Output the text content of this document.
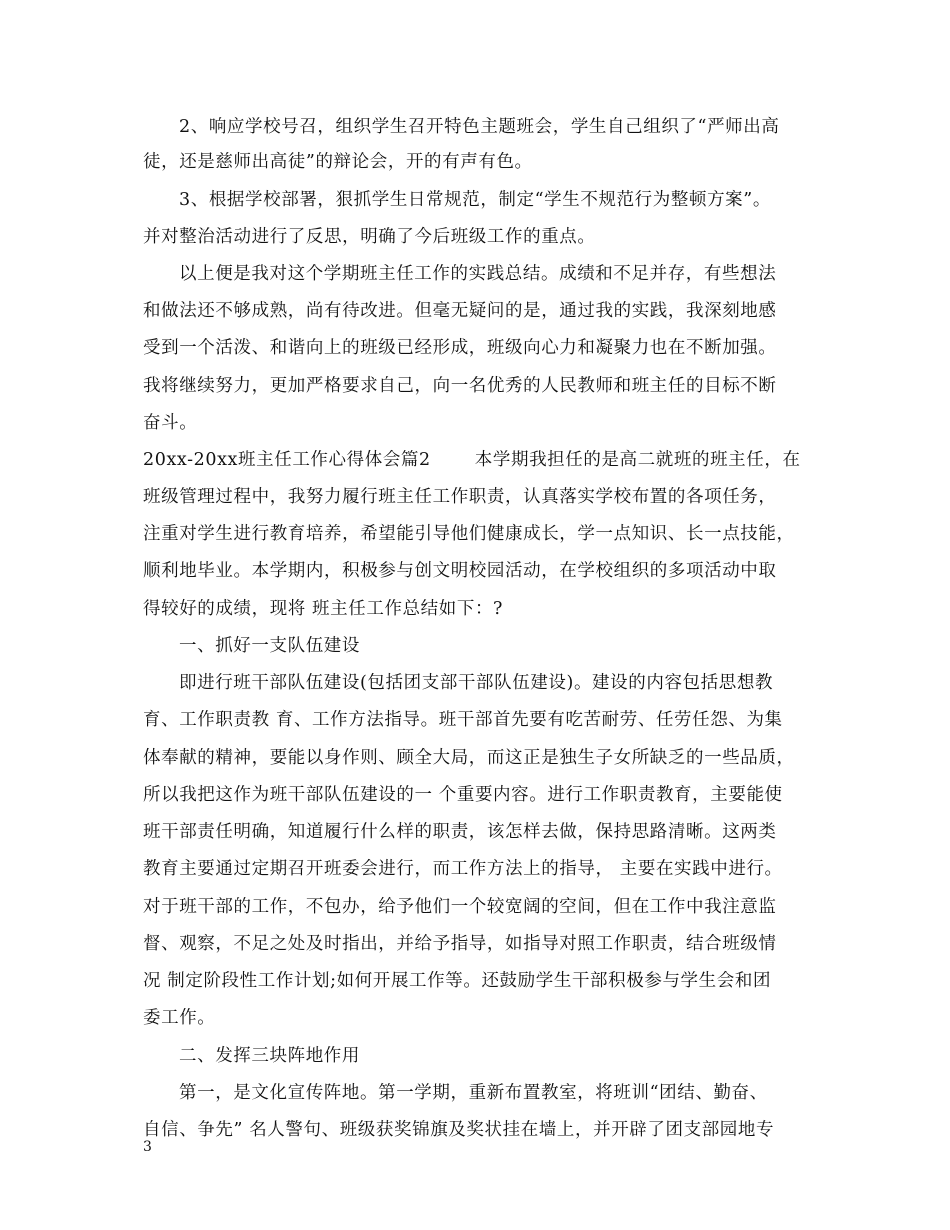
2、响应学校号召，组织学生召开特色主题班会，学生自己组织了“严师出高
徒，还是慈师出高徒”的辩论会，开的有声有色。
3、根据学校部署，狠抓学生日常规范，制定“学生不规范行为整顿方案”。
并对整治活动进行了反思，明确了今后班级工作的重点。
以上便是我对这个学期班主任工作的实践总结。成绩和不足并存，有些想法
和做法还不够成熟，尚有待改进。但毫无疑问的是，通过我的实践，我深刻地感
受到一个活泼、和谐向上的班级已经形成，班级向心力和凝聚力也在不断加强。
我将继续努力，更加严格要求自己，向一名优秀的人民教师和班主任的目标不断
奋斗。
20xx-20xx班主任工作心得体会篇2	本学期我担任的是高二就班的班主任，在
班级管理过程中，我努力履行班主任工作职责，认真落实学校布置的各项任务，
注重对学生进行教育培养，希望能引导他们健康成长，学一点知识、长一点技能，
顺利地毕业。本学期内，积极参与创文明校园活动，在学校组织的多项活动中取
得较好的成绩，现将 班主任工作总结如下：?
一、抓好一支队伍建设
即进行班干部队伍建设(包括团支部干部队伍建设)。建设的内容包括思想教
育、工作职责教 育、工作方法指导。班干部首先要有吃苦耐劳、任劳任怨、为集
体奉献的精神，要能以身作则、顾全大局，而这正是独生子女所缺乏的一些品质，
所以我把这作为班干部队伍建设的一 个重要内容。进行工作职责教育，主要能使
班干部责任明确，知道履行什么样的职责，该怎样去做，保持思路清晰。这两类
教育主要通过定期召开班委会进行，而工作方法上的指导， 主要在实践中进行。
对于班干部的工作，不包办，给予他们一个较宽阔的空间，但在工作中我注意监
督、观察，不足之处及时指出，并给予指导，如指导对照工作职责，结合班级情
况 制定阶段性工作计划;如何开展工作等。还鼓励学生干部积极参与学生会和团
委工作。
二、发挥三块阵地作用
第一，是文化宣传阵地。第一学期，重新布置教室，将班训“团结、勤奋、
自信、争先” 名人警句、班级获奖锦旗及奖状挂在墙上，并开辟了团支部园地专
3
